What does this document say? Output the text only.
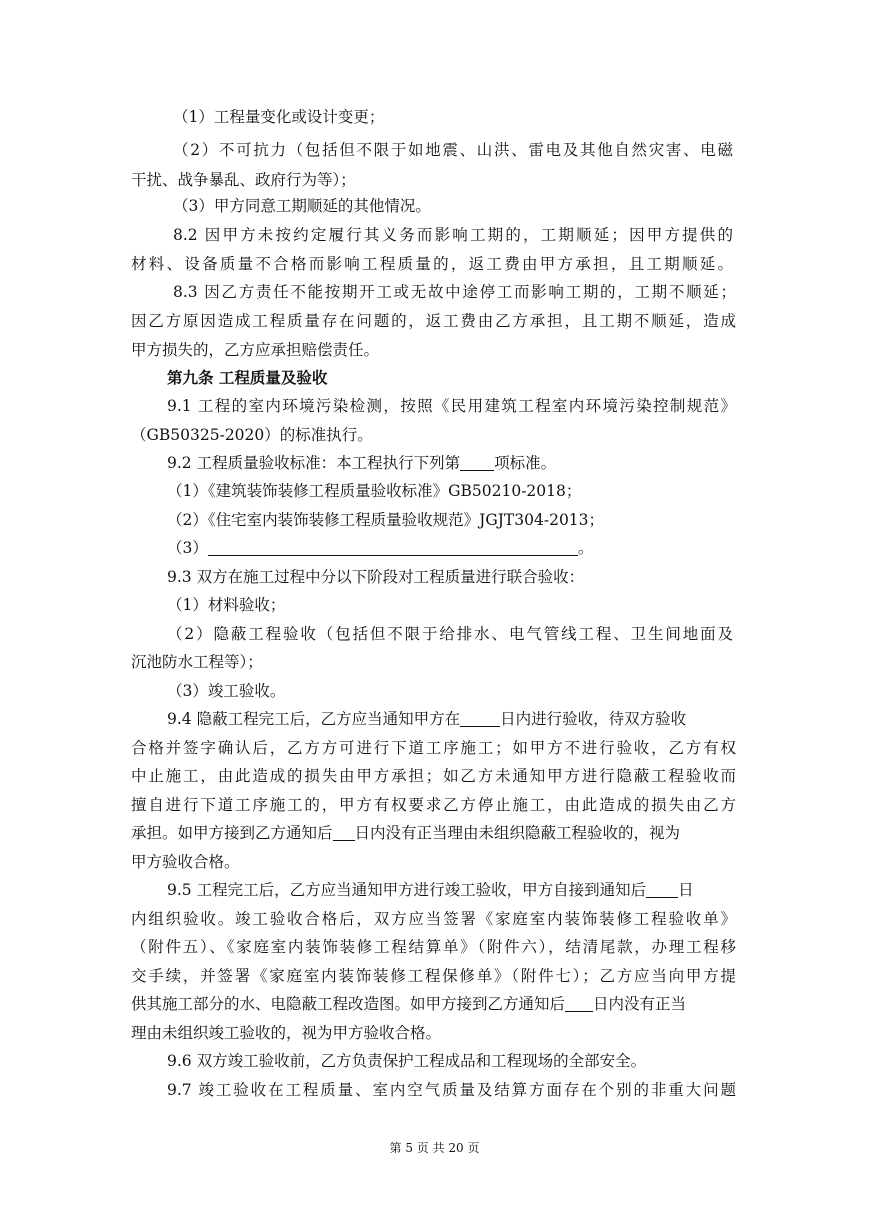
（1）工程量变化或设计变更；
（2）不可抗力（包括但不限于如地震、山洪、雷电及其他自然灾害、电磁
干扰、战争暴乱、政府行为等）；
（3）甲方同意工期顺延的其他情况。
8.2 因甲方未按约定履行其义务而影响工期的，工期顺延；因甲方提供的
材料、设备质量不合格而影响工程质量的，返工费由甲方承担，且工期顺延。
8.3 因乙方责任不能按期开工或无故中途停工而影响工期的，工期不顺延；
因乙方原因造成工程质量存在问题的，返工费由乙方承担，且工期不顺延，造成
甲方损失的，乙方应承担赔偿责任。
第九条 工程质量及验收
9.1 工程的室内环境污染检测，按照《民用建筑工程室内环境污染控制规范》
（GB50325-2020）的标准执行。
9.2 工程质量验收标准：本工程执行下列第 项标准。
（1）《建筑装饰装修工程质量验收标准》GB50210-2018；
（2）《住宅室内装饰装修工程质量验收规范》JGJT304-2013；
（3）	。
9.3 双方在施工过程中分以下阶段对工程质量进行联合验收：
（1）材料验收；
（2）隐蔽工程验收（包括但不限于给排水、电气管线工程、卫生间地面及
沉池防水工程等）；
（3）竣工验收。
9.4 隐蔽工程完工后，乙方应当通知甲方在	日内进行验收，待双方验收
合格并签字确认后，乙方方可进行下道工序施工；如甲方不进行验收，乙方有权
中止施工，由此造成的损失由甲方承担；如乙方未通知甲方进行隐蔽工程验收而
擅自进行下道工序施工的，甲方有权要求乙方停止施工，由此造成的损失由乙方
承担。如甲方接到乙方通知后 日内没有正当理由未组织隐蔽工程验收的，视为
甲方验收合格。
9.5 工程完工后，乙方应当通知甲方进行竣工验收，甲方自接到通知后 日
内组织验收。竣工验收合格后，双方应当签署《家庭室内装饰装修工程验收单》
（附件五）、《家庭室内装饰装修工程结算单》（附件六），结清尾款，办理工程移
交手续，并签署《家庭室内装饰装修工程保修单》（附件七）；乙方应当向甲方提
供其施工部分的水、电隐蔽工程改造图。如甲方接到乙方通知后 日内没有正当
理由未组织竣工验收的，视为甲方验收合格。
9.6 双方竣工验收前，乙方负责保护工程成品和工程现场的全部安全。
9.7 竣工验收在工程质量、室内空气质量及结算方面存在个别的非重大问题
第 5 页 共 20 页
